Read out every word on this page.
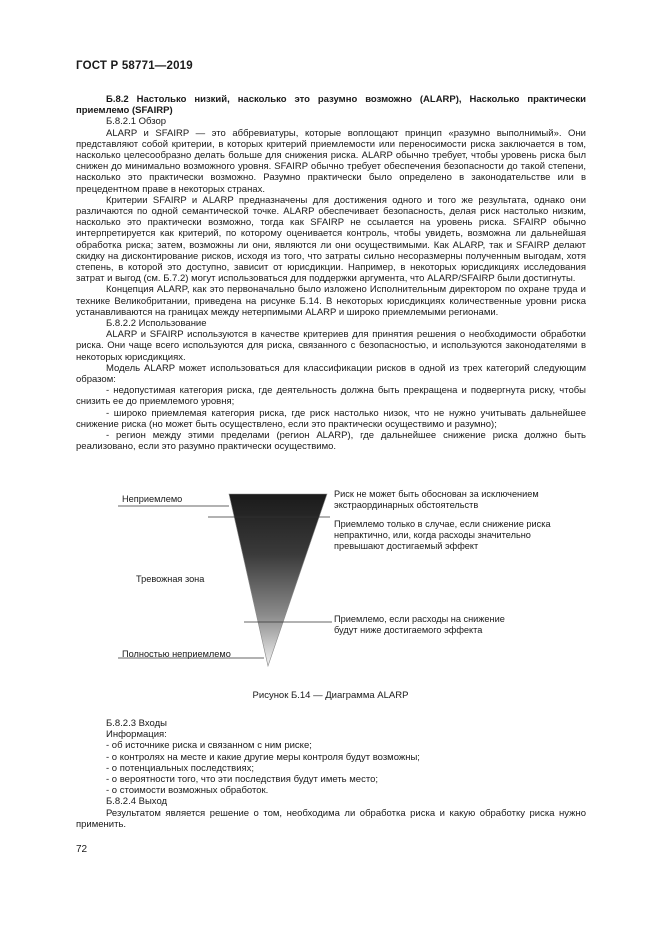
ГОСТ Р 58771—2019

Б.8.2 Настолько низкий, насколько это разумно возможно (ALARP), Насколько практически приемлемо (SFAIRP)

Б.8.2.1 Обзор

ALARP и SFAIRP — это аббревиатуры, которые воплощают принцип «разумно выполнимый». Они представляют собой критерии, в которых критерий приемлемости или переносимости риска заключается в том, насколько целесообразно делать больше для снижения риска. ALARP обычно требует, чтобы уровень риска был снижен до минимально возможного уровня. SFAIRP обычно требует обеспечения безопасности до такой степени, насколько это практически возможно. Разумно практически было определено в законодательстве или в прецедентном праве в некоторых странах.

Критерии SFAIRP и ALARP предназначены для достижения одного и того же результата, однако они различаются по одной семантической точке. ALARP обеспечивает безопасность, делая риск настолько низким, насколько это практически возможно, тогда как SFAIRP не ссылается на уровень риска. SFAIRP обычно интерпретируется как критерий, по которому оценивается контроль, чтобы увидеть, возможна ли дальнейшая обработка риска; затем, возможны ли они, являются ли они осуществимыми. Как ALARP, так и SFAIRP делают скидку на дисконтирование рисков, исходя из того, что затраты сильно несоразмерны полученным выгодам, хотя степень, в которой это доступно, зависит от юрисдикции. Например, в некоторых юрисдикциях исследования затрат и выгод (см. Б.7.2) могут использоваться для поддержки аргумента, что ALARP/SFAIRP были достигнуты.

Концепция ALARP, как это первоначально было изложено Исполнительным директором по охране труда и технике Великобритании, приведена на рисунке Б.14. В некоторых юрисдикциях количественные уровни риска устанавливаются на границах между нетерпимыми ALARP и широко приемлемыми регионами.

Б.8.2.2 Использование

ALARP и SFAIRP используются в качестве критериев для принятия решения о необходимости обработки риска. Они чаще всего используются для риска, связанного с безопасностью, и используются законодателями в некоторых юрисдикциях.

Модель ALARP может использоваться для классификации рисков в одной из трех категорий следующим образом:

- недопустимая категория риска, где деятельность должна быть прекращена и подвергнута риску, чтобы снизить ее до приемлемого уровня;

- широко приемлемая категория риска, где риск настолько низок, что не нужно учитывать дальнейшее снижение риска (но может быть осуществлено, если это практически осуществимо и разумно);

- регион между этими пределами (регион ALARP), где дальнейшее снижение риска должно быть реализовано, если это разумно практически осуществимо.

Неприемлемо
Тревожная зона
Полностью неприемлемо
Риск не может быть обоснован за исключением
экстраординарных обстоятельств
Приемлемо только в случае, если снижение риска
непрактично, или, когда расходы значительно
превышают достигаемый эффект
Приемлемо, если расходы на снижение
будут ниже достигаемого эффекта
Рисунок Б.14 — Диаграмма ALARP

Б.8.2.3 Входы

Информация:

- об источнике риска и связанном с ним риске;

- о контролях на месте и какие другие меры контроля будут возможны;

- о потенциальных последствиях;

- о вероятности того, что эти последствия будут иметь место;

- о стоимости возможных обработок.

Б.8.2.4 Выход

Результатом является решение о том, необходима ли обработка риска и какую обработку риска нужно применить.

72
